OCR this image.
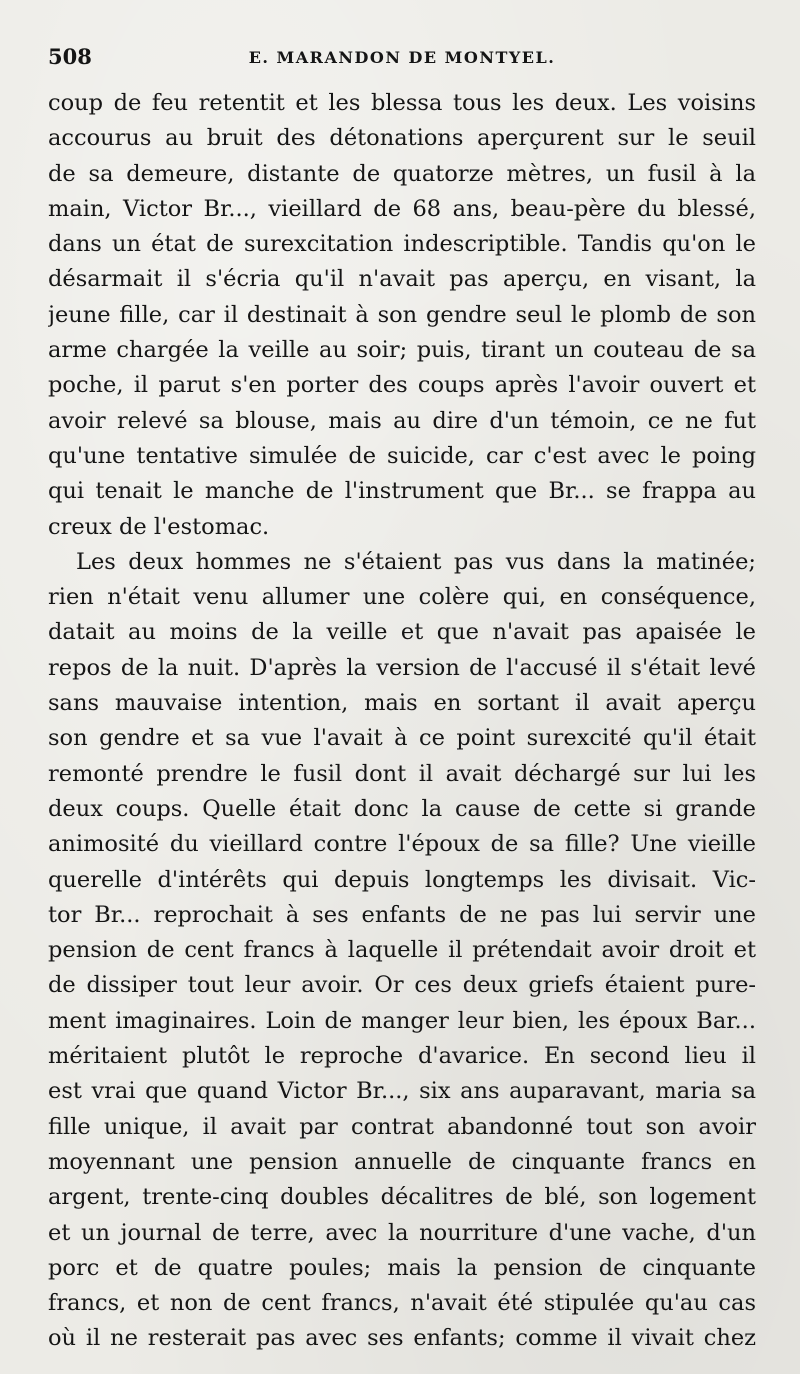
508	E. MARANDON DE MONTYEL.
coup de feu retentit et les blessa tous les deux. Les voisins
accourus au bruit des détonations aperçurent sur le seuil
de sa demeure, distante de quatorze mètres, un fusil à la
main, Victor Br..., vieillard de 68 ans, beau-père du blessé,
dans un état de surexcitation indescriptible. Tandis qu'on le
désarmait il s'écria qu'il n'avait pas aperçu, en visant, la
jeune fille, car il destinait à son gendre seul le plomb de son
arme chargée la veille au soir; puis, tirant un couteau de sa
poche, il parut s'en porter des coups après l'avoir ouvert et
avoir relevé sa blouse, mais au dire d'un témoin, ce ne fut
qu'une tentative simulée de suicide, car c'est avec le poing
qui tenait le manche de l'instrument que Br... se frappa au
creux de l'estomac.
Les deux hommes ne s'étaient pas vus dans la matinée;
rien n'était venu allumer une colère qui, en conséquence,
datait au moins de la veille et que n'avait pas apaisée le
repos de la nuit. D'après la version de l'accusé il s'était levé
sans mauvaise intention, mais en sortant il avait aperçu
son gendre et sa vue l'avait à ce point surexcité qu'il était
remonté prendre le fusil dont il avait déchargé sur lui les
deux coups. Quelle était donc la cause de cette si grande
animosité du vieillard contre l'époux de sa fille? Une vieille
querelle d'intérêts qui depuis longtemps les divisait. Vic-
tor Br... reprochait à ses enfants de ne pas lui servir une
pension de cent francs à laquelle il prétendait avoir droit et
de dissiper tout leur avoir. Or ces deux griefs étaient pure-
ment imaginaires. Loin de manger leur bien, les époux Bar...
méritaient plutôt le reproche d'avarice. En second lieu il
est vrai que quand Victor Br..., six ans auparavant, maria sa
fille unique, il avait par contrat abandonné tout son avoir
moyennant une pension annuelle de cinquante francs en
argent, trente-cinq doubles décalitres de blé, son logement
et un journal de terre, avec la nourriture d'une vache, d'un
porc et de quatre poules; mais la pension de cinquante
francs, et non de cent francs, n'avait été stipulée qu'au cas
où il ne resterait pas avec ses enfants; comme il vivait chez
